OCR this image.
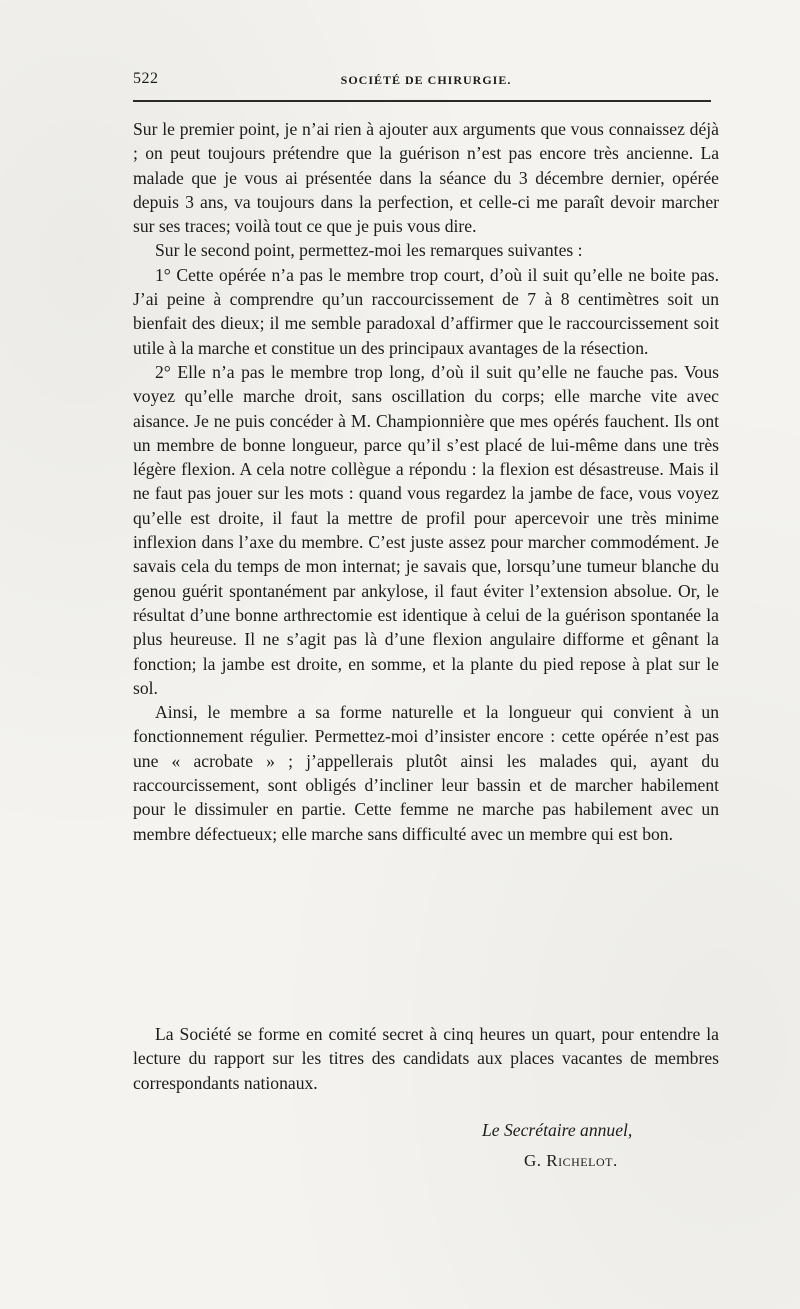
522	SOCIÉTÉ DE CHIRURGIE.

Sur le premier point, je n’ai rien à ajouter aux arguments que vous connaissez déjà ; on peut toujours prétendre que la guérison n’est pas encore très ancienne. La malade que je vous ai présentée dans la séance du 3 décembre dernier, opérée depuis 3 ans, va toujours dans la perfection, et celle-ci me paraît devoir marcher sur ses traces; voilà tout ce que je puis vous dire.

Sur le second point, permettez-moi les remarques suivantes :

1° Cette opérée n’a pas le membre trop court, d’où il suit qu’elle ne boite pas. J’ai peine à comprendre qu’un raccourcissement de 7 à 8 centimètres soit un bienfait des dieux; il me semble paradoxal d’affirmer que le raccourcissement soit utile à la marche et constitue un des principaux avantages de la résection.

2° Elle n’a pas le membre trop long, d’où il suit qu’elle ne fauche pas. Vous voyez qu’elle marche droit, sans oscillation du corps; elle marche vite avec aisance. Je ne puis concéder à M. Championnière que mes opérés fauchent. Ils ont un membre de bonne longueur, parce qu’il s’est placé de lui-même dans une très légère flexion. A cela notre collègue a répondu : la flexion est désastreuse. Mais il ne faut pas jouer sur les mots : quand vous regardez la jambe de face, vous voyez qu’elle est droite, il faut la mettre de profil pour apercevoir une très minime inflexion dans l’axe du membre. C’est juste assez pour marcher commodément. Je savais cela du temps de mon internat; je savais que, lorsqu’une tumeur blanche du genou guérit spontanément par ankylose, il faut éviter l’extension absolue. Or, le résultat d’une bonne arthrectomie est identique à celui de la guérison spontanée la plus heureuse. Il ne s’agit pas là d’une flexion angulaire difforme et gênant la fonction; la jambe est droite, en somme, et la plante du pied repose à plat sur le sol.

Ainsi, le membre a sa forme naturelle et la longueur qui convient à un fonctionnement régulier. Permettez-moi d’insister encore : cette opérée n’est pas une « acrobate » ; j’appellerais plutôt ainsi les malades qui, ayant du raccourcissement, sont obligés d’incliner leur bassin et de marcher habilement pour le dissimuler en partie. Cette femme ne marche pas habilement avec un membre défectueux; elle marche sans difficulté avec un membre qui est bon.

La Société se forme en comité secret à cinq heures un quart, pour entendre la lecture du rapport sur les titres des candidats aux places vacantes de membres correspondants nationaux.

Le Secrétaire annuel,
G. Richelot.
